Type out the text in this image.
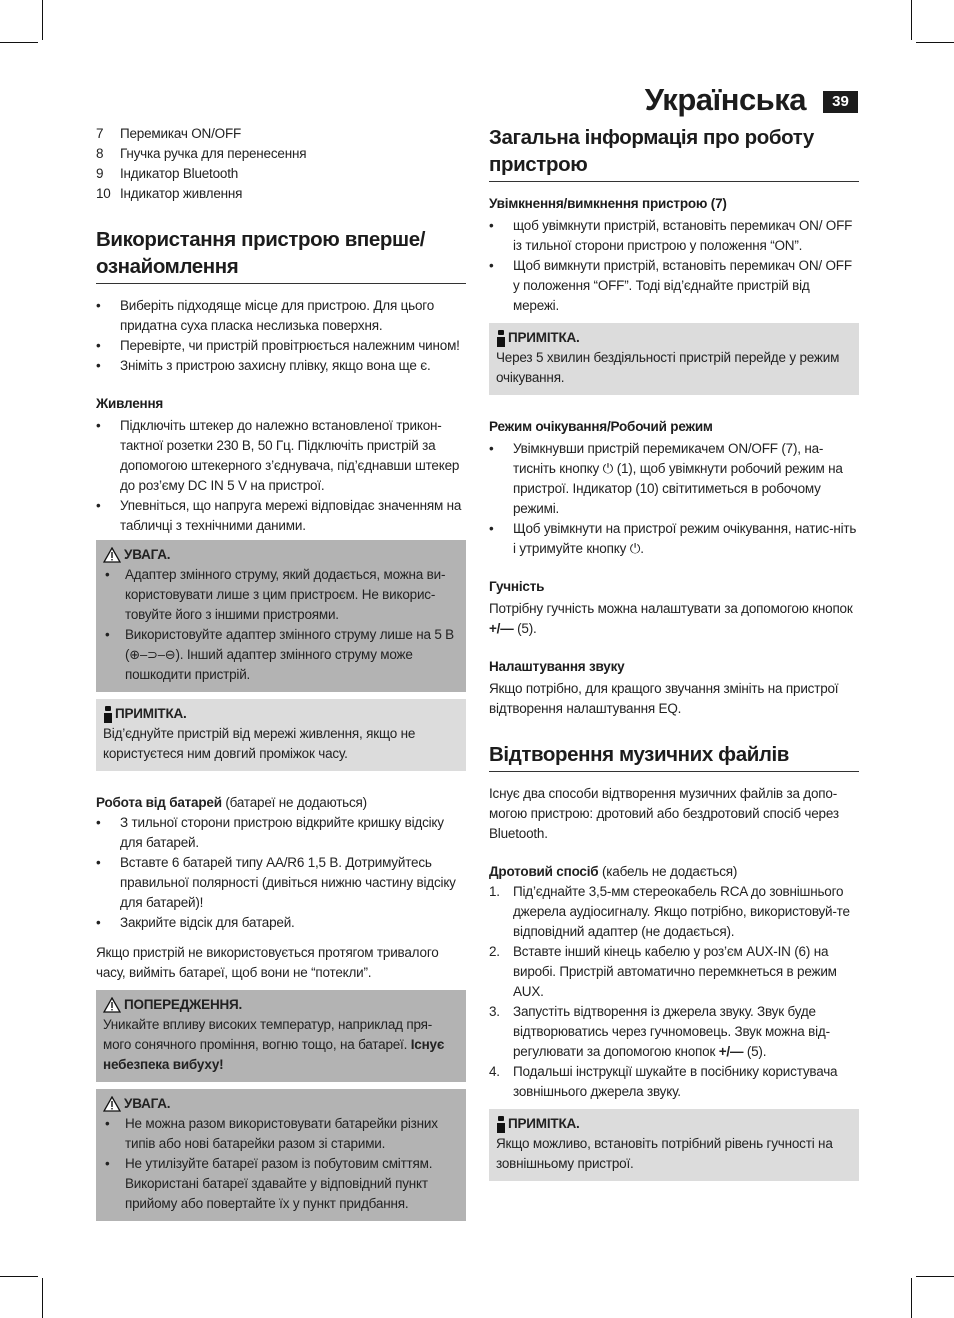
Українська	39
7 Перемикач ON/OFF
8 Гнучка ручка для перенесення
9 Індикатор Bluetooth
10 Індикатор живлення
Використання пристрою вперше/ ознайомлення
• Виберіть підходяще місце для пристрою. Для цього придатна суха пласка неслизька поверхня.
• Перевірте, чи пристрій провітрюється належним чином!
• Зніміть з пристрою захисну плівку, якщо вона ще є.
Живлення
• Підключіть штекер до належно встановленої трикон-тактної розетки 230 В, 50 Гц. Підключіть пристрій за допомогою штекерного з’єднувача, під’єднавши штекер до роз’єму DC IN 5 V на пристрої.
• Упевніться, що напруга мережі відповідає значенням на табличці з технічними даними.
УВАГА.
• Адаптер змінного струму, який додається, можна ви-користовувати лише з цим пристроєм. Не викорис-товуйте його з іншими пристроями.
• Використовуйте адаптер змінного струму лише на 5 В (⊕–⊃–⊖). Інший адаптер змінного струму може пошкодити пристрій.
ПРИМІТКА.

Від’єднуйте пристрій від мережі живлення, якщо не користуєтеся ним довгий проміжок часу.

Робота від батарей (батареї не додаються)

• З тильної сторони пристрою відкрийте кришку відсіку для батарей.
• Вставте 6 батарей типу AA/R6 1,5 В. Дотримуйтесь правильної полярності (дивіться нижню частину відсіку для батарей)!
• Закрийте відсік для батарей.

Якщо пристрій не використовується протягом тривалого часу, вийміть батареї, щоб вони не “потекли”.

ПОПЕРЕДЖЕННЯ.

Уникайте впливу високих температур, наприклад пря-мого сонячного проміння, вогню тощо, на батареї. Існує небезпека вибуху!

УВАГА.
• Не можна разом використовувати батарейки різних типів або нові батарейки разом зі старими.
• Не утилізуйте батареї разом із побутовим сміттям. Використані батареї здавайте у відповідний пункт прийому або повертайте їх у пункт придбання.
Загальна інформація про роботу пристрою
Увімкнення/вимкнення пристрою (7)
• щоб увімкнути пристрій, встановіть перемикач ON/ OFF із тильної сторони пристрою у положення “ON”.
• Щоб вимкнути пристрій, встановіть перемикач ON/ OFF у положення “OFF”. Тоді від’єднайте пристрій від мережі.
ПРИМІТКА.

Через 5 хвилин бездіяльності пристрій перейде у режим очікування.

Режим очікування/Робочий режим
• Увімкнувши пристрій перемикачем ON/OFF (7), на-тисніть кнопку ⏻ (1), щоб увімкнути робочий режим на пристрої. Індикатор (10) світитиметься в робочому режимі.
• Щоб увімкнути на пристрої режим очікування, натис-ніть і утримуйте кнопку ⏻.
Гучність

Потрібну гучність можна налаштувати за допомогою кнопок +/— (5).

Налаштування звуку

Якщо потрібно, для кращого звучання змініть на пристрої відтворення налаштування EQ.

Відтворення музичних файлів

Існує два способи відтворення музичних файлів за допо-могою пристрою: дротовий або бездротовий спосіб через Bluetooth.

Дротовий спосіб (кабель не додається)

1. Під’єднайте 3,5-мм стереокабель RCA до зовнішнього джерела аудіосигналу. Якщо потрібно, використовуй-те відповідний адаптер (не додається).
2. Вставте інший кінець кабелю у роз’єм AUX-IN (6) на виробі. Пристрій автоматично перемкнеться в режим AUX.
3. Запустіть відтворення із джерела звуку. Звук буде відтворюватись через гучномовець. Звук можна від-регулювати за допомогою кнопок +/— (5).
4. Подальші інструкції шукайте в посібнику користувача зовнішнього джерела звуку.
ПРИМІТКА.

Якщо можливо, встановіть потрібний рівень гучності на зовнішньому пристрої.
